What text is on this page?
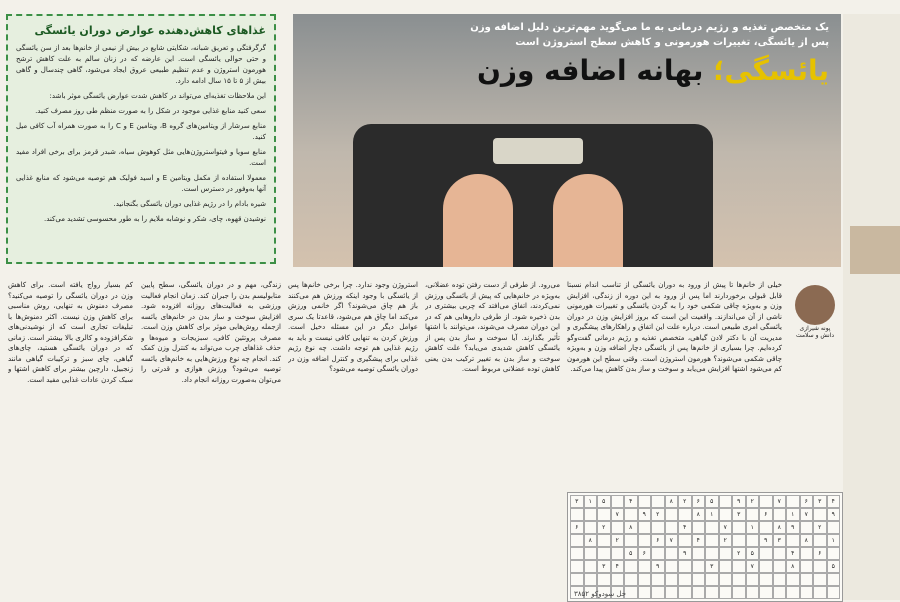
غذاهای کاهش‌دهنده عوارض دوران یائسگی

گرگرفتگی و تعریق شبانه، شکایتی شایع در بیش از نیمی از خانم‌ها بعد از سن یائسگی و حتی حوالی یائسگی است. این عارضه که در زنان سالم به علت کاهش ترشح هورمون استروژن و عدم تنظیم طبیعی عروق ایجاد می‌شود، گاهی چندسال و گاهی بیش از ۵ تا ۱۵ سال ادامه دارد.

این ملاحظات تغذیه‌ای می‌تواند در کاهش شدت عوارض یائسگی موثر باشد:

سعی کنید منابع غذایی موجود در شکل را به صورت منظم طی روز مصرف کنید.

منابع سرشار از ویتامین‌های گروه B، ویتامین E و C را به صورت همراه آب کافی میل کنید.

منابع سویا و فیتواستروژن‌هایی مثل کوهوش سیاه، شبدر قرمز برای برخی افراد مفید است.

معمولا استفاده از مکمل ویتامین E و اسید فولیک هم توصیه می‌شود که منابع غذایی آنها به‌وفور در دسترس است.

شیره بادام را در رژیم غذایی دوران یائسگی بگنجانید.

نوشیدن قهوه، چای، شکر و نوشابه ملایم را به طور محسوسی تشدید می‌کند.

یک متخصص تغذیه و رژیم درمانی به ما می‌گوید مهم‌ترین دلیل اضافه وزن
پس از یائسگی، تغییرات هورمونی و کاهش سطح استروژن است
یائسگی؛ بهانه اضافه وزن
کم بسیار رواج یافته است. برای کاهش وزن در دوران یائسگی را توصیه می‌کنید؟ مصرف دمنوش به تنهایی، روش مناسبی برای کاهش وزن نیست. اکثر دمنوش‌ها با تبلیغات تجاری است که از نوشیدنی‌های شکرافزوده و کالری بالا بیشتر است. زمانی که در دوران یائسگی هستید، چای‌های گیاهی، چای سبز و ترکیبات گیاهی مانند زنجبیل، دارچین بیشتر برای کاهش اشتها و سبک کردن عادات غذایی مفید است.
زندگی، مهم و در دوران یائسگی، سطح پایین متابولیسم بدن را جبران کند. زمان انجام فعالیت ورزشی به فعالیت‌های روزانه افزوده شود. افزایش سوخت و ساز بدن در خانم‌های یائسه ازجمله روش‌هایی موثر برای کاهش وزن است. مصرف پروتئین کافی، سبزیجات و میوه‌ها و حذف غذاهای چرب می‌تواند به کنترل وزن کمک کند. انجام چه نوع ورزش‌هایی به خانم‌های یائسه توصیه می‌شود؟ ورزش هوازی و قدرتی را می‌توان به‌صورت روزانه انجام داد.
استروژن وجود ندارد. چرا برخی خانم‌ها پس از یائسگی با وجود اینکه ورزش هم می‌کنند باز هم چاق می‌شوند؟ اگر خانمی ورزش می‌کند اما چاق هم می‌شود، قاعدتا یک سری عوامل دیگر در این مسئله دخیل است. ورزش کردن به تنهایی کافی نیست و باید به رژیم غذایی هم توجه داشت. چه نوع رژیم غذایی برای پیشگیری و کنترل اضافه وزن در دوران یائسگی توصیه می‌شود؟
می‌رود. از طرفی از دست رفتن توده عضلانی، به‌ویژه در خانم‌هایی که پیش از یائسگی ورزش نمی‌کردند، اتفاق می‌افتد که چربی بیشتری در بدن ذخیره شود. از طرفی داروهایی هم که در این دوران مصرف می‌شوند، می‌توانند با اشتها تأثیر بگذارند. آیا سوخت و ساز بدن پس از یائسگی کاهش شدیدی می‌یابد؟ علت کاهش سوخت و ساز بدن به تغییر ترکیب بدن یعنی کاهش توده عضلانی مربوط است.
خیلی از خانم‌ها تا پیش از ورود به دوران یائسگی از تناسب اندام نسبتا قابل قبولی برخوردارند اما پس از ورود به این دوره از زندگی، افزایش وزن و به‌ویژه چاقی شکمی خود را به گردن یائسگی و تغییرات هورمونی ناشی از آن می‌اندازند. واقعیت این است که بروز افزایش وزن در دوران یائسگی امری طبیعی است. درباره علت این اتفاق و راهکارهای پیشگیری و مدیریت آن با دکتر لادن گیاهی، متخصص تغذیه و رژیم درمانی گفت‌وگو کرده‌ایم. چرا بسیاری از خانم‌ها پس از یائسگی دچار اضافه وزن و به‌ویژه چاقی شکمی می‌شوند؟ هورمون استروژن است. وقتی سطح این هورمون کم می‌شود اشتها افزایش می‌یابد و سوخت و ساز بدن کاهش پیدا می‌کند.
پونه شیرازی
دانش و سلامت
۴
۳
۶
۷
۲
۹
۵
۶
۲
۸
۴
۵
۱
۳
۹
۷
۱
۶
۳
۱
۸
۲
۹
۷
۲
۹
۸
۱
۷
۴
۸
۲
۶
۱
۸
۳
۹
۲
۴
۷
۶
۲
۸
۶
۴
۵
۲
۹
۶
۵
۵
۸
۷
۳
۹
۴
۳
حل سودوکو ۳۸۵۲
